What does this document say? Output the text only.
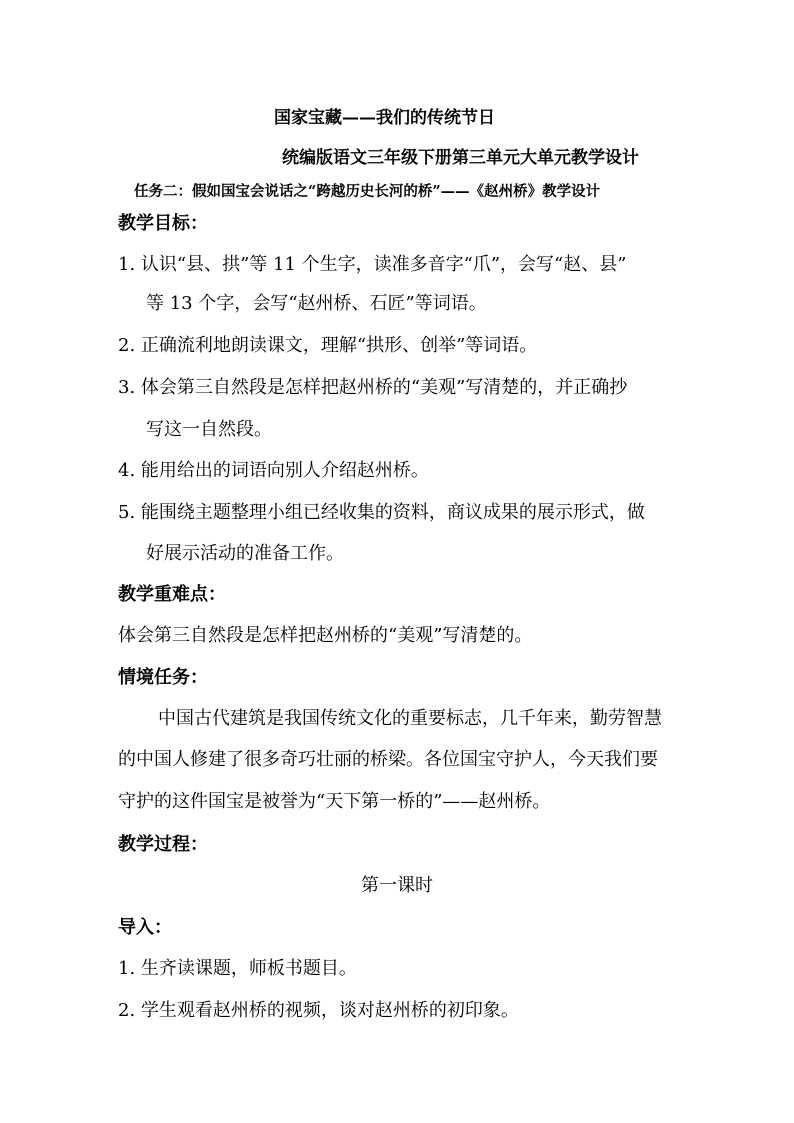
国家宝藏——我们的传统节日
统编版语文三年级下册第三单元大单元教学设计
任务二：假如国宝会说话之“跨越历史长河的桥”——《赵州桥》教学设计
教学目标：
1. 认识“县、拱”等 11 个生字，读准多音字“爪”，会写“赵、县”
等 13 个字，会写“赵州桥、石匠”等词语。
2. 正确流利地朗读课文，理解“拱形、创举”等词语。
3. 体会第三自然段是怎样把赵州桥的“美观”写清楚的，并正确抄
写这一自然段。
4. 能用给出的词语向别人介绍赵州桥。
5. 能围绕主题整理小组已经收集的资料，商议成果的展示形式，做
好展示活动的准备工作。
教学重难点：
体会第三自然段是怎样把赵州桥的“美观”写清楚的。
情境任务：
中国古代建筑是我国传统文化的重要标志，几千年来，勤劳智慧
的中国人修建了很多奇巧壮丽的桥梁。各位国宝守护人，今天我们要
守护的这件国宝是被誉为“天下第一桥的”——赵州桥。
教学过程：
第一课时
导入：
1. 生齐读课题，师板书题目。
2. 学生观看赵州桥的视频，谈对赵州桥的初印象。
